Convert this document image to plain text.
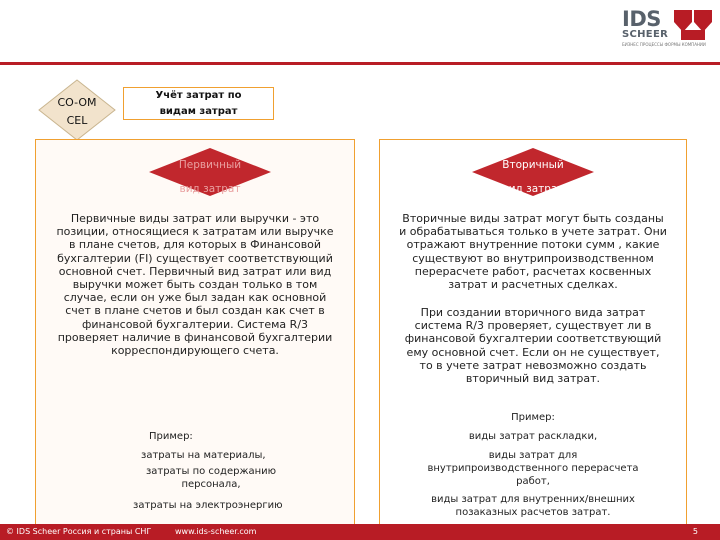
IDS
SCHEER
БИЗНЕС ПРОЦЕССЫ ФОРМЫ КОМПАНИИ
CO-OM
CEL
Учёт затрат по
видам затрат
Первичный
вид затрат
Первичные виды затрат или выручки - это
позиции, относящиеся к затратам или выручке
в плане счетов, для которых в Финансовой
бухгалтерии (FI) существует соответствующий
основной счет. Первичный вид затрат или вид
выручки может быть создан только в том
случае, если он уже был задан как основной
счет в плане счетов и был создан как счет в
финансовой бухгалтерии. Система R/3
проверяет наличие в финансовой бухгалтерии
корреспондирующего счета.
Пример:
затраты на материалы,
затраты по содержанию
персонала,
затраты на электроэнергию
Вторичный
вид затрат
Вторичные виды затрат могут быть созданы
и обрабатываться только в учете затрат. Они
отражают внутренние потоки сумм , какие
существуют во внутрипроизводственном
перерасчете работ, расчетах косвенных
затрат и расчетных сделках.
При создании вторичного вида затрат
система R/3 проверяет, существует ли в
финансовой бухгалтерии соответствующий
ему основной счет. Если он не существует,
то в учете затрат невозможно создать
вторичный вид затрат.
Пример:
виды затрат раскладки,
виды затрат для
внутрипроизводственного перерасчета
работ,
виды затрат для внутренних/внешних
позаказных расчетов затрат.
© IDS Scheer Россия и страны СНГ	www.ids-scheer.com	5
